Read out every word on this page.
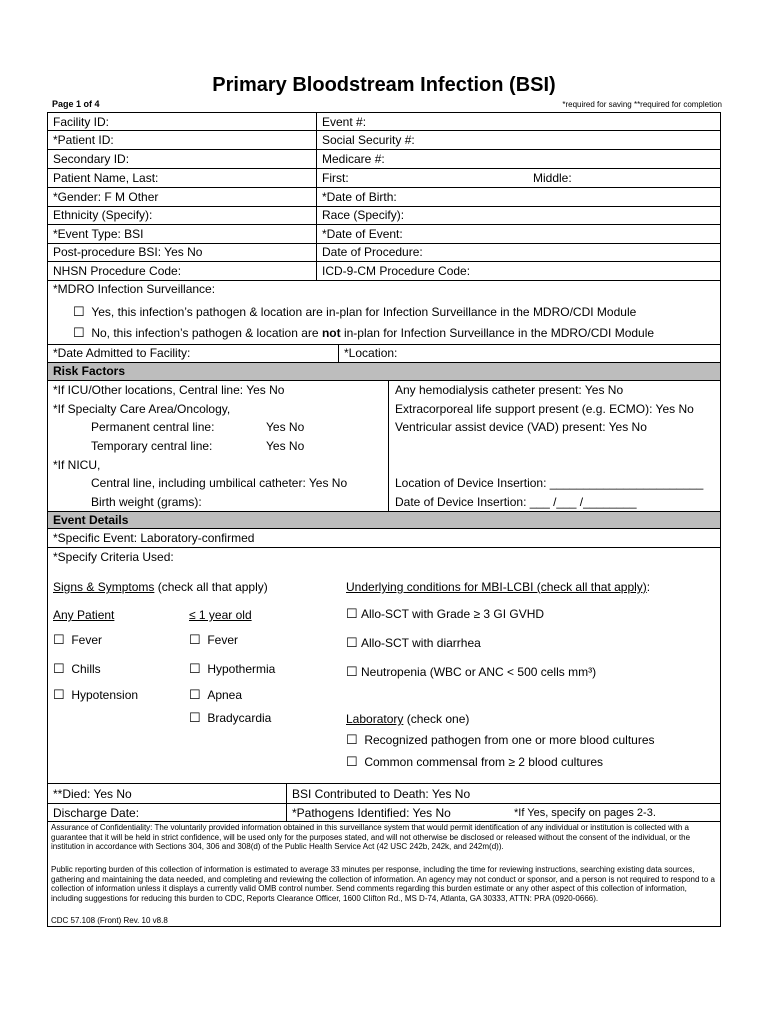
Primary Bloodstream Infection (BSI)
Page 1 of 4	*required for saving **required for completion
Facility ID:	Event #:
*Patient ID:	Social Security #:
Secondary ID:	Medicare #:
Patient Name, Last:	First:	Middle:
*Gender: F M Other	*Date of Birth:
Ethnicity (Specify):	Race (Specify):
*Event Type: BSI	*Date of Event:
Post-procedure BSI: Yes No	Date of Procedure:
NHSN Procedure Code:	ICD-9-CM Procedure Code:
*MDRO Infection Surveillance:
☐ Yes, this infection’s pathogen & location are in-plan for Infection Surveillance in the MDRO/CDI Module
☐ No, this infection’s pathogen & location are not in-plan for Infection Surveillance in the MDRO/CDI Module
*Date Admitted to Facility:	*Location:
Risk Factors
*If ICU/Other locations, Central line: Yes No
*If Specialty Care Area/Oncology,
Permanent central line:	Yes No
Temporary central line:	Yes No
*If NICU,
Central line, including umbilical catheter: Yes No
Birth weight (grams):
Any hemodialysis catheter present: Yes No
Extracorporeal life support present (e.g. ECMO): Yes No
Ventricular assist device (VAD) present: Yes No
Location of Device Insertion: _______________________
Date of Device Insertion: ___ /___ /________
Event Details
*Specific Event: Laboratory-confirmed
*Specify Criteria Used:
Signs & Symptoms (check all that apply)	Underlying conditions for MBI-LCBI (check all that apply):
Any Patient	≤ 1 year old
☐ Fever
☐ Chills
☐ Hypotension
☐ Fever
☐ Hypothermia
☐ Apnea
☐ Bradycardia
☐ Allo-SCT with Grade ≥ 3 GI GVHD
☐ Allo-SCT with diarrhea
☐ Neutropenia (WBC or ANC < 500 cells mm³)
Laboratory (check one)
☐ Recognized pathogen from one or more blood cultures
☐ Common commensal from ≥ 2 blood cultures
**Died: Yes No	BSI Contributed to Death: Yes No
Discharge Date:	*Pathogens Identified: Yes No	*If Yes, specify on pages 2-3.
Assurance of Confidentiality: The voluntarily provided information obtained in this surveillance system that would permit identification of any individual or institution is collected with a guarantee that it will be held in strict confidence, will be used only for the purposes stated, and will not otherwise be disclosed or released without the consent of the individual, or the institution in accordance with Sections 304, 306 and 308(d) of the Public Health Service Act (42 USC 242b, 242k, and 242m(d)).
Public reporting burden of this collection of information is estimated to average 33 minutes per response, including the time for reviewing instructions, searching existing data sources, gathering and maintaining the data needed, and completing and reviewing the collection of information. An agency may not conduct or sponsor, and a person is not required to respond to a collection of information unless it displays a currently valid OMB control number. Send comments regarding this burden estimate or any other aspect of this collection of information, including suggestions for reducing this burden to CDC, Reports Clearance Officer, 1600 Clifton Rd., MS D-74, Atlanta, GA 30333, ATTN: PRA (0920-0666).
CDC 57.108 (Front) Rev. 10 v8.8
